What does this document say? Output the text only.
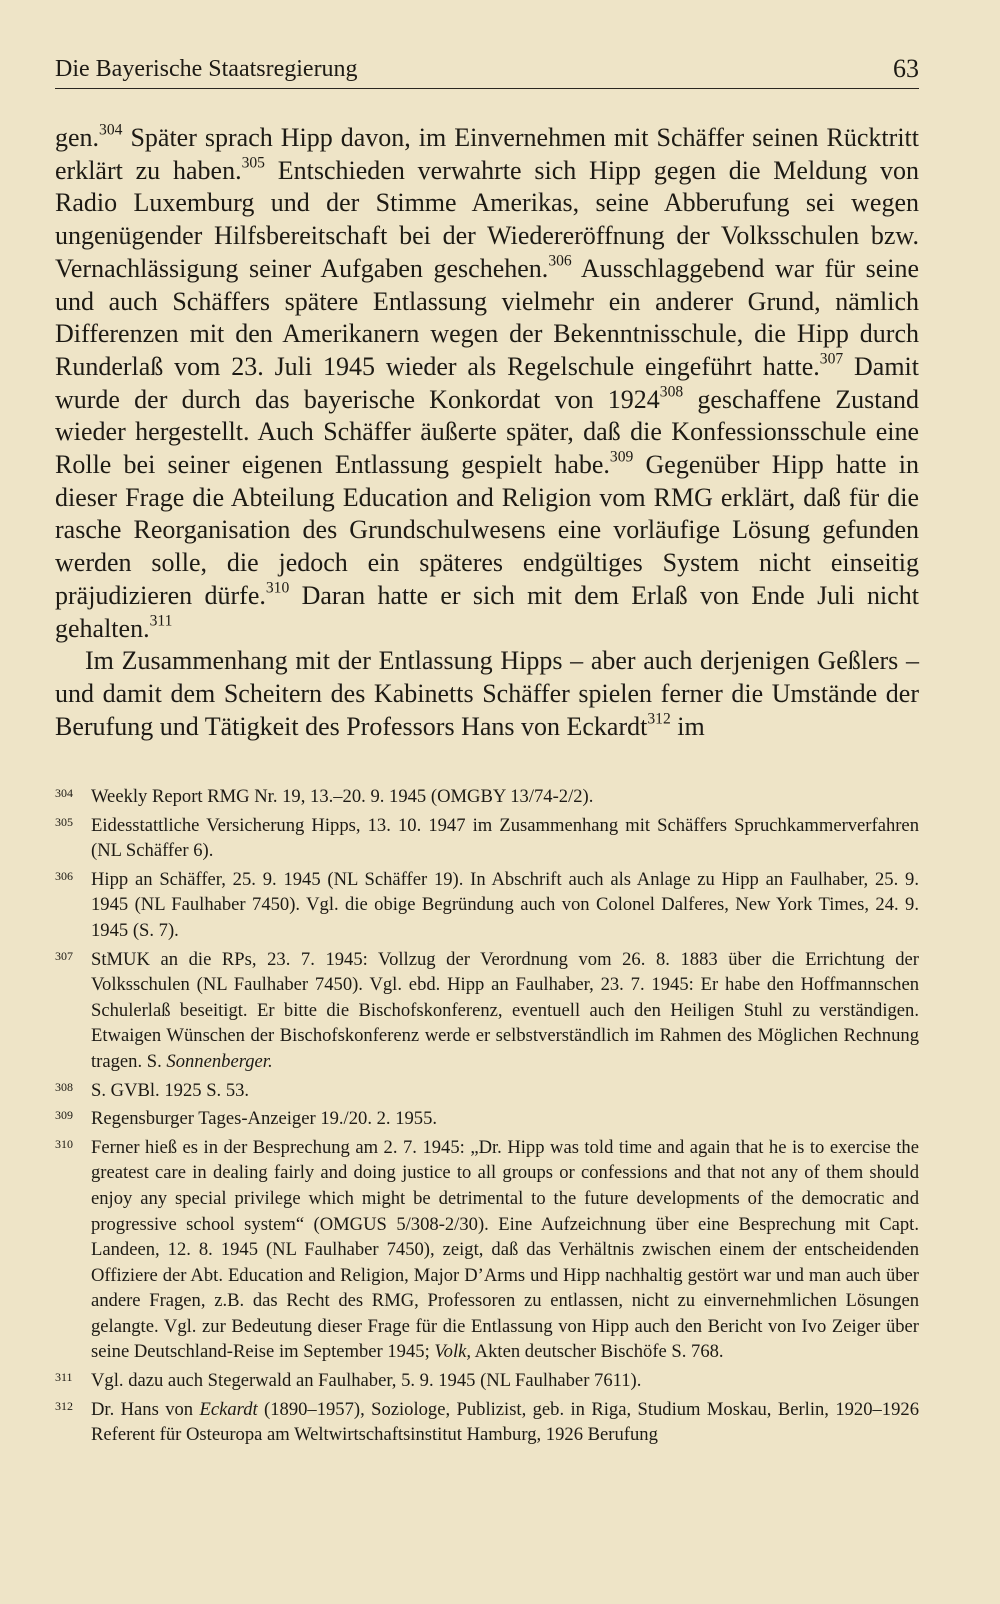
Die Bayerische Staatsregierung	63

gen.$^{304}$ Später sprach Hipp davon, im Einvernehmen mit Schäffer seinen Rücktritt erklärt zu haben.$^{305}$ Entschieden verwahrte sich Hipp gegen die Meldung von Radio Luxemburg und der Stimme Amerikas, seine Abberufung sei wegen ungenügender Hilfsbereitschaft bei der Wiedereröffnung der Volksschulen bzw. Vernachlässigung seiner Aufgaben geschehen.$^{306}$ Ausschlaggebend war für seine und auch Schäffers spätere Entlassung vielmehr ein anderer Grund, nämlich Differenzen mit den Amerikanern wegen der Bekenntnisschule, die Hipp durch Runderlaß vom 23. Juli 1945 wieder als Regelschule eingeführt hatte.$^{307}$ Damit wurde der durch das bayerische Konkordat von 1924$^{308}$ geschaffene Zustand wieder hergestellt. Auch Schäffer äußerte später, daß die Konfessionsschule eine Rolle bei seiner eigenen Entlassung gespielt habe.$^{309}$ Gegenüber Hipp hatte in dieser Frage die Abteilung Education and Religion vom RMG erklärt, daß für die rasche Reorganisation des Grundschulwesens eine vorläufige Lösung gefunden werden solle, die jedoch ein späteres endgültiges System nicht einseitig präjudizieren dürfe.$^{310}$ Daran hatte er sich mit dem Erlaß von Ende Juli nicht gehalten.$^{311}$

Im Zusammenhang mit der Entlassung Hipps – aber auch derjenigen Geßlers – und damit dem Scheitern des Kabinetts Schäffer spielen ferner die Umstände der Berufung und Tätigkeit des Professors Hans von Eckardt$^{312}$ im

304 Weekly Report RMG Nr. 19, 13.–20. 9. 1945 (OMGBY 13/74-2/2).
305 Eidesstattliche Versicherung Hipps, 13. 10. 1947 im Zusammenhang mit Schäffers Spruchkammerverfahren (NL Schäffer 6).
306 Hipp an Schäffer, 25. 9. 1945 (NL Schäffer 19). In Abschrift auch als Anlage zu Hipp an Faulhaber, 25. 9. 1945 (NL Faulhaber 7450). Vgl. die obige Begründung auch von Colonel Dalferes, New York Times, 24. 9. 1945 (S. 7).
307 StMUK an die RPs, 23. 7. 1945: Vollzug der Verordnung vom 26. 8. 1883 über die Errichtung der Volksschulen (NL Faulhaber 7450). Vgl. ebd. Hipp an Faulhaber, 23. 7. 1945: Er habe den Hoffmannschen Schulerlaß beseitigt. Er bitte die Bischofskonferenz, eventuell auch den Heiligen Stuhl zu verständigen. Etwaigen Wünschen der Bischofskonferenz werde er selbstverständlich im Rahmen des Möglichen Rechnung tragen. S. Sonnenberger.
308 S. GVBl. 1925 S. 53.
309 Regensburger Tages-Anzeiger 19./20. 2. 1955.
310 Ferner hieß es in der Besprechung am 2. 7. 1945: „Dr. Hipp was told time and again that he is to exercise the greatest care in dealing fairly and doing justice to all groups or confessions and that not any of them should enjoy any special privilege which might be detrimental to the future developments of the democratic and progressive school system“ (OMGUS 5/308-2/30). Eine Aufzeichnung über eine Besprechung mit Capt. Landeen, 12. 8. 1945 (NL Faulhaber 7450), zeigt, daß das Verhältnis zwischen einem der entscheidenden Offiziere der Abt. Education and Religion, Major D’Arms und Hipp nachhaltig gestört war und man auch über andere Fragen, z.B. das Recht des RMG, Professoren zu entlassen, nicht zu einvernehmlichen Lösungen gelangte. Vgl. zur Bedeutung dieser Frage für die Entlassung von Hipp auch den Bericht von Ivo Zeiger über seine Deutschland-Reise im September 1945; Volk, Akten deutscher Bischöfe S. 768.
311 Vgl. dazu auch Stegerwald an Faulhaber, 5. 9. 1945 (NL Faulhaber 7611).
312 Dr. Hans von Eckardt (1890–1957), Soziologe, Publizist, geb. in Riga, Studium Moskau, Berlin, 1920–1926 Referent für Osteuropa am Weltwirtschaftsinstitut Hamburg, 1926 Berufung
